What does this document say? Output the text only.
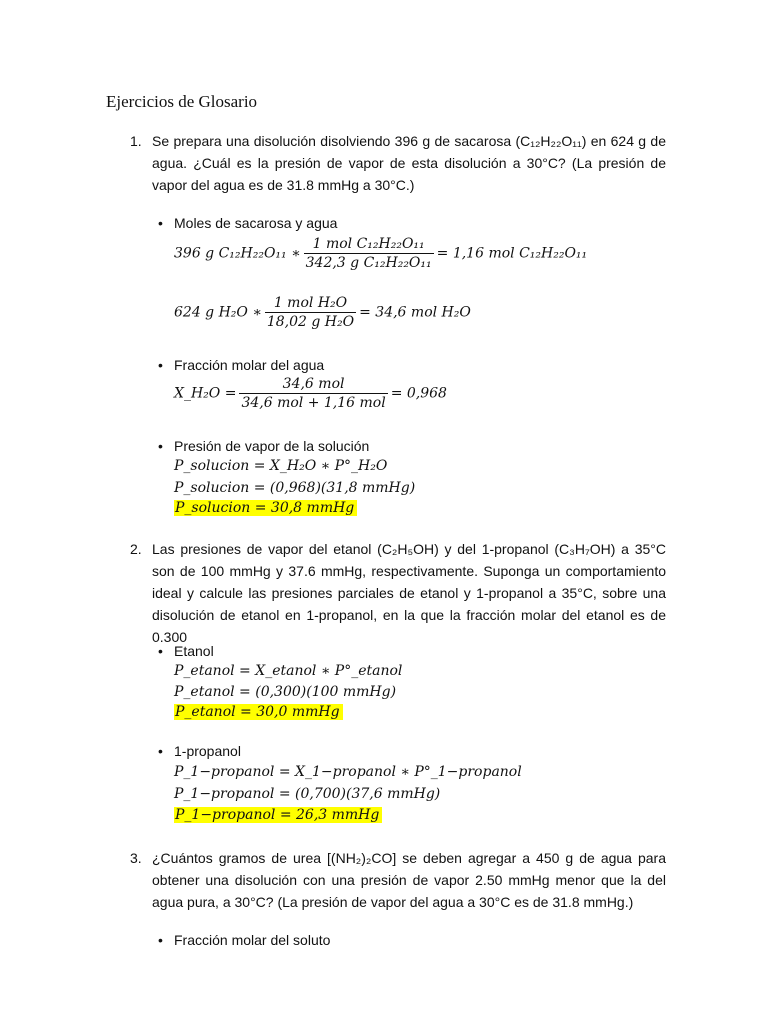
Ejercicios de Glosario
1. Se prepara una disolución disolviendo 396 g de sacarosa (C₁₂H₂₂O₁₁) en 624 g de agua. ¿Cuál es la presión de vapor de esta disolución a 30°C? (La presión de vapor del agua es de 31.8 mmHg a 30°C.)
• Moles de sacarosa y agua
396 g C₁₂H₂₂O₁₁ ∗ $\frac{\text{1 mol C₁₂H₂₂O₁₁}}{\text{342,3 g C₁₂H₂₂O₁₁}} = 1,16$ mol C₁₂H₂₂O₁₁
624 g H₂O ∗ $\frac{\text{1 mol H₂O}}{\text{18,02 g H₂O}} = 34,6$ mol H₂O
• Fracción molar del agua
X_H₂O = $\frac{\text{34,6 mol}}{\text{34,6 mol + 1,16 mol}} = 0,968$
• Presión de vapor de la solución
P_solucion = X_H₂O ∗ P°_H₂O
P_solucion = (0,968)(31,8 mmHg)
P_solucion = 30,8 mmHg
2. Las presiones de vapor del etanol (C₂H₅OH) y del 1-propanol (C₃H₇OH) a 35°C son de 100 mmHg y 37.6 mmHg, respectivamente. Suponga un comportamiento ideal y calcule las presiones parciales de etanol y 1-propanol a 35°C, sobre una disolución de etanol en 1-propanol, en la que la fracción molar del etanol es de 0.300
• Etanol
P_etanol = X_etanol ∗ P°_etanol
P_etanol = (0,300)(100 mmHg)
P_etanol = 30,0 mmHg
• 1-propanol
P_1−propanol = X_1−propanol ∗ P°_1−propanol
P_1−propanol = (0,700)(37,6 mmHg)
P_1−propanol = 26,3 mmHg
3. ¿Cuántos gramos de urea [(NH₂)₂CO] se deben agregar a 450 g de agua para obtener una disolución con una presión de vapor 2.50 mmHg menor que la del agua pura, a 30°C? (La presión de vapor del agua a 30°C es de 31.8 mmHg.)
• Fracción molar del soluto
